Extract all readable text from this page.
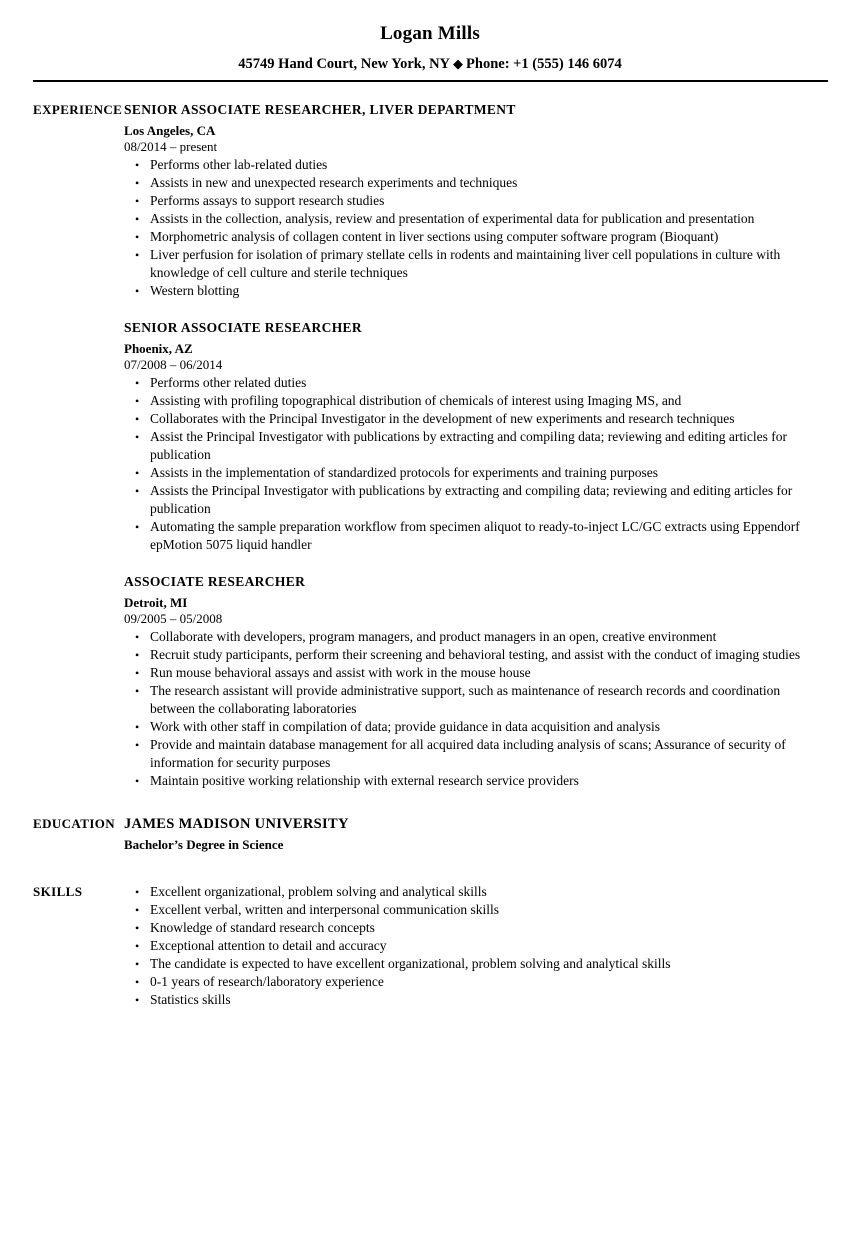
Logan Mills
45749 Hand Court, New York, NY ◆ Phone: +1 (555) 146 6074
EXPERIENCE SENIOR ASSOCIATE RESEARCHER, LIVER DEPARTMENT
Los Angeles, CA
08/2014 – present
• Performs other lab-related duties
• Assists in new and unexpected research experiments and techniques
• Performs assays to support research studies
• Assists in the collection, analysis, review and presentation of experimental data for publication and presentation
• Morphometric analysis of collagen content in liver sections using computer software program (Bioquant)
• Liver perfusion for isolation of primary stellate cells in rodents and maintaining liver cell populations in culture with knowledge of cell culture and sterile techniques
• Western blotting
SENIOR ASSOCIATE RESEARCHER
Phoenix, AZ
07/2008 – 06/2014
• Performs other related duties
• Assisting with profiling topographical distribution of chemicals of interest using Imaging MS, and
• Collaborates with the Principal Investigator in the development of new experiments and research techniques
• Assist the Principal Investigator with publications by extracting and compiling data; reviewing and editing articles for publication
• Assists in the implementation of standardized protocols for experiments and training purposes
• Assists the Principal Investigator with publications by extracting and compiling data; reviewing and editing articles for publication
• Automating the sample preparation workflow from specimen aliquot to ready-to-inject LC/GC extracts using Eppendorf epMotion 5075 liquid handler
ASSOCIATE RESEARCHER
Detroit, MI
09/2005 – 05/2008
• Collaborate with developers, program managers, and product managers in an open, creative environment
• Recruit study participants, perform their screening and behavioral testing, and assist with the conduct of imaging studies
• Run mouse behavioral assays and assist with work in the mouse house
• The research assistant will provide administrative support, such as maintenance of research records and coordination between the collaborating laboratories
• Work with other staff in compilation of data; provide guidance in data acquisition and analysis
• Provide and maintain database management for all acquired data including analysis of scans; Assurance of security of information for security purposes
• Maintain positive working relationship with external research service providers
EDUCATION JAMES MADISON UNIVERSITY
Bachelor’s Degree in Science
SKILLS	• Excellent organizational, problem solving and analytical skills
• Excellent verbal, written and interpersonal communication skills
• Knowledge of standard research concepts
• Exceptional attention to detail and accuracy
• The candidate is expected to have excellent organizational, problem solving and analytical skills
• 0-1 years of research/laboratory experience
• Statistics skills
